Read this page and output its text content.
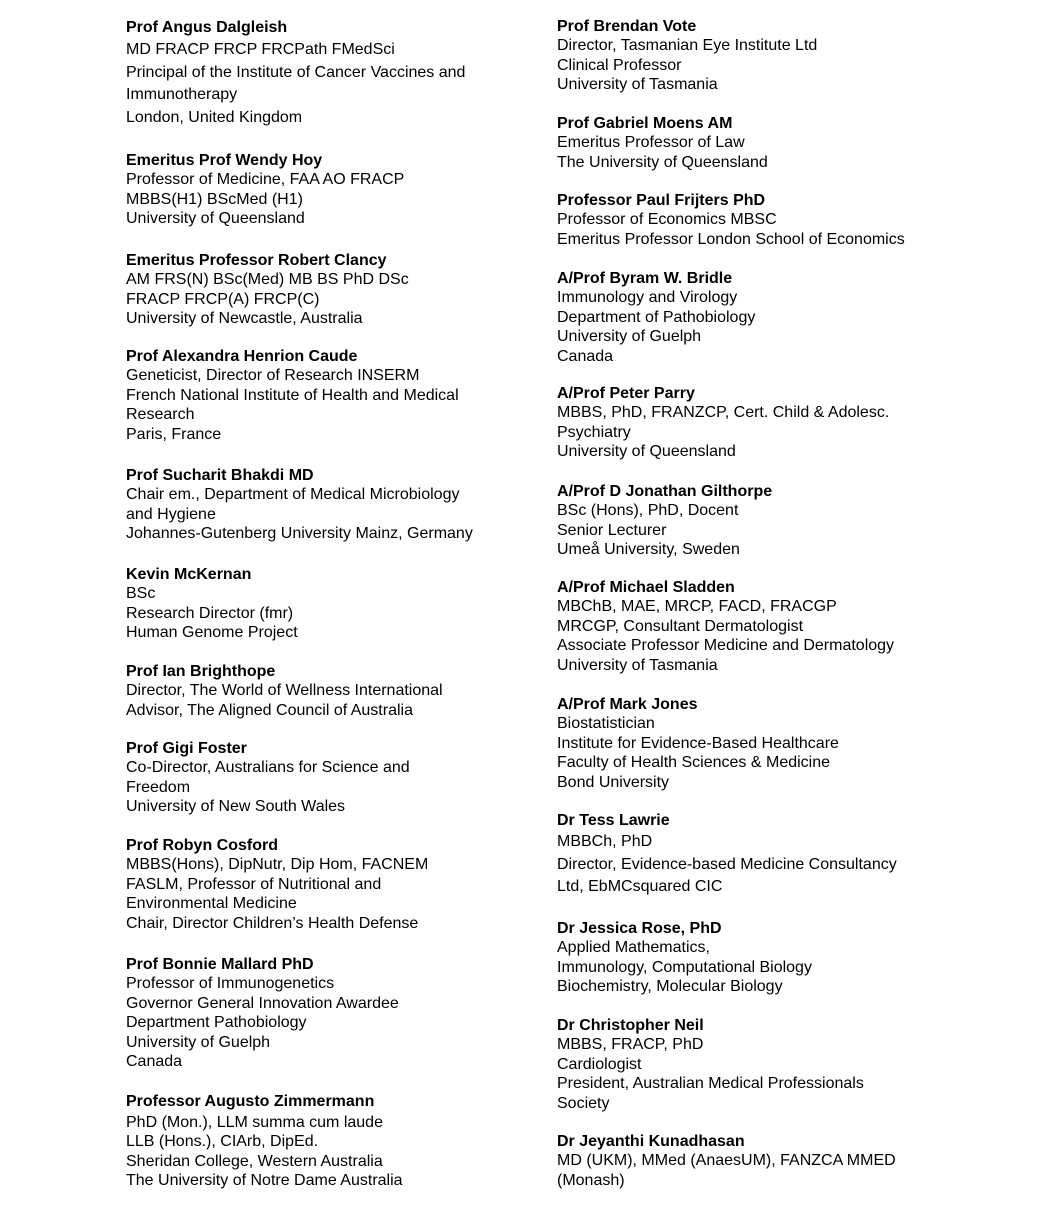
Prof Angus Dalgleish
MD FRACP FRCP FRCPath FMedSci
Principal of the Institute of Cancer Vaccines and
Immunotherapy
London, United Kingdom
Emeritus Prof Wendy Hoy
Professor of Medicine, FAA AO FRACP
MBBS(H1) BScMed (H1)
University of Queensland
Emeritus Professor Robert Clancy
AM FRS(N) BSc(Med) MB BS PhD DSc
FRACP FRCP(A) FRCP(C)
University of Newcastle, Australia
Prof Alexandra Henrion Caude
Geneticist, Director of Research INSERM
French National Institute of Health and Medical
Research
Paris, France
Prof Sucharit Bhakdi MD
Chair em., Department of Medical Microbiology
and Hygiene
Johannes-Gutenberg University Mainz, Germany
Kevin McKernan
BSc
Research Director (fmr)
Human Genome Project
Prof Ian Brighthope
Director, The World of Wellness International
Advisor, The Aligned Council of Australia
Prof Gigi Foster
Co-Director, Australians for Science and
Freedom
University of New South Wales
Prof Robyn Cosford
MBBS(Hons), DipNutr, Dip Hom, FACNEM
FASLM, Professor of Nutritional and
Environmental Medicine
Chair, Director Children’s Health Defense
Prof Bonnie Mallard PhD
Professor of Immunogenetics
Governor General Innovation Awardee
Department Pathobiology
University of Guelph
Canada
Professor Augusto Zimmermann
PhD (Mon.), LLM summa cum laude
LLB (Hons.), CIArb, DipEd.
Sheridan College, Western Australia
The University of Notre Dame Australia
Prof Brendan Vote
Director, Tasmanian Eye Institute Ltd
Clinical Professor
University of Tasmania
Prof Gabriel Moens AM
Emeritus Professor of Law
The University of Queensland
Professor Paul Frijters PhD
Professor of Economics MBSC
Emeritus Professor London School of Economics
A/Prof Byram W. Bridle
Immunology and Virology
Department of Pathobiology
University of Guelph
Canada
A/Prof Peter Parry
MBBS, PhD, FRANZCP, Cert. Child & Adolesc.
Psychiatry
University of Queensland
A/Prof D Jonathan Gilthorpe
BSc (Hons), PhD, Docent
Senior Lecturer
Umeå University, Sweden
A/Prof Michael Sladden
MBChB, MAE, MRCP, FACD, FRACGP
MRCGP, Consultant Dermatologist
Associate Professor Medicine and Dermatology
University of Tasmania
A/Prof Mark Jones
Biostatistician
Institute for Evidence-Based Healthcare
Faculty of Health Sciences & Medicine
Bond University
Dr Tess Lawrie
MBBCh, PhD
Director, Evidence-based Medicine Consultancy
Ltd, EbMCsquared CIC
Dr Jessica Rose, PhD
Applied Mathematics,
Immunology, Computational Biology
Biochemistry, Molecular Biology
Dr Christopher Neil
MBBS, FRACP, PhD
Cardiologist
President, Australian Medical Professionals
Society
Dr Jeyanthi Kunadhasan
MD (UKM), MMed (AnaesUM), FANZCA MMED
(Monash)
